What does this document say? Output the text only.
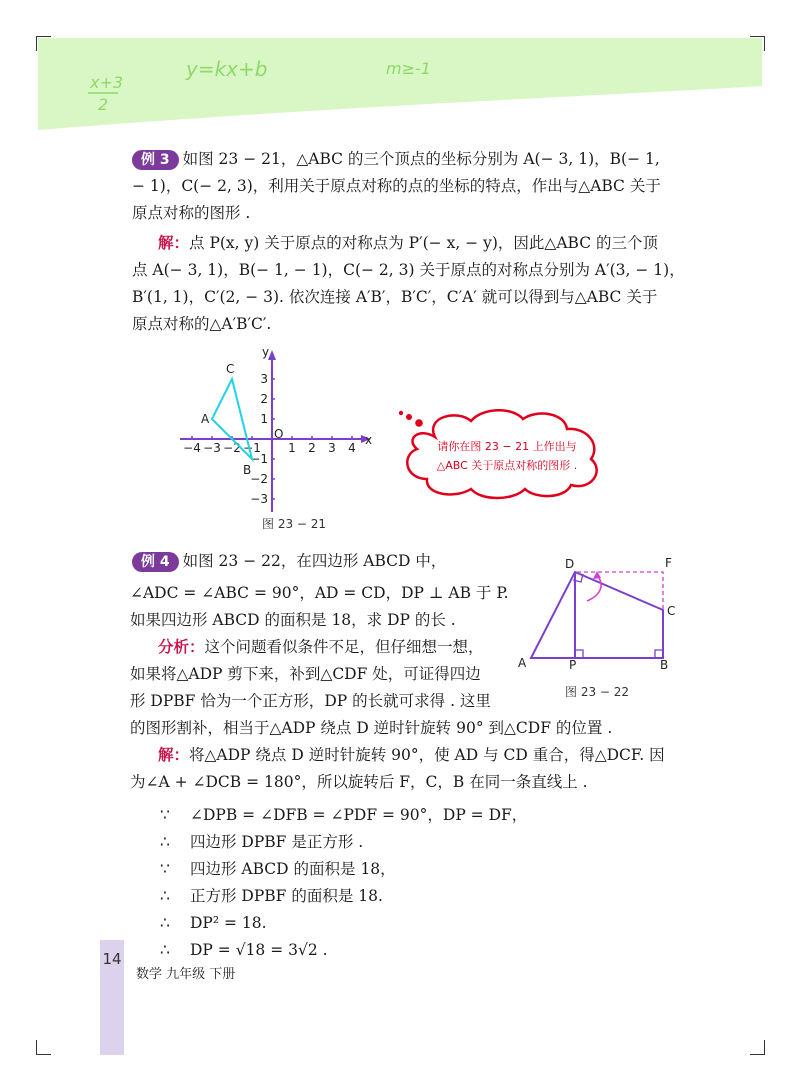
x+3
2
y=kx+b	m≥-1
例 3 如图 23 − 21，△ABC 的三个顶点的坐标分别为 A(− 3, 1)，B(− 1,
− 1)，C(− 2, 3)，利用关于原点对称的点的坐标的特点，作出与△ABC 关于
原点对称的图形 .
解：点 P(x, y) 关于原点的对称点为 P′(− x, − y)，因此△ABC 的三个顶
点 A(− 3, 1)，B(− 1, − 1)，C(− 2, 3) 关于原点的对称点分别为 A′(3, − 1)，
B′(1, 1)，C′(2, − 3). 依次连接 A′B′，B′C′，C′A′ 就可以得到与△ABC 关于
原点对称的△A′B′C′.
−4 −3 −2 −1 1 2 3 4
3
2
1
−1
−2
−3
A
B
C
x
y
O
图 23 − 21
请你在图 23 − 21 上作出与
△ABC 关于原点对称的图形 .
例 4 如图 23 − 22，在四边形 ABCD 中，
∠ADC = ∠ABC = 90°，AD = CD，DP ⊥ AB 于 P.
如果四边形 ABCD 的面积是 18，求 DP 的长 .
分析：这个问题看似条件不足，但仔细想一想，
如果将△ADP 剪下来，补到△CDF 处，可证得四边
形 DPBF 恰为一个正方形，DP 的长就可求得 . 这里
的图形割补，相当于△ADP 绕点 D 逆时针旋转 90° 到△CDF 的位置 .
D	F
C
A	P	B
图 23 − 22
解：将△ADP 绕点 D 逆时针旋转 90°，使 AD 与 CD 重合，得△DCF. 因
为∠A + ∠DCB = 180°，所以旋转后 F，C，B 在同一条直线上 .
∵ ∠DPB = ∠DFB = ∠PDF = 90°，DP = DF，
∴ 四边形 DPBF 是正方形 .
∵ 四边形 ABCD 的面积是 18，
∴ 正方形 DPBF 的面积是 18.
∴ DP² = 18.
∴ DP = √18 = 3√2 .
14
数学 九年级 下册
